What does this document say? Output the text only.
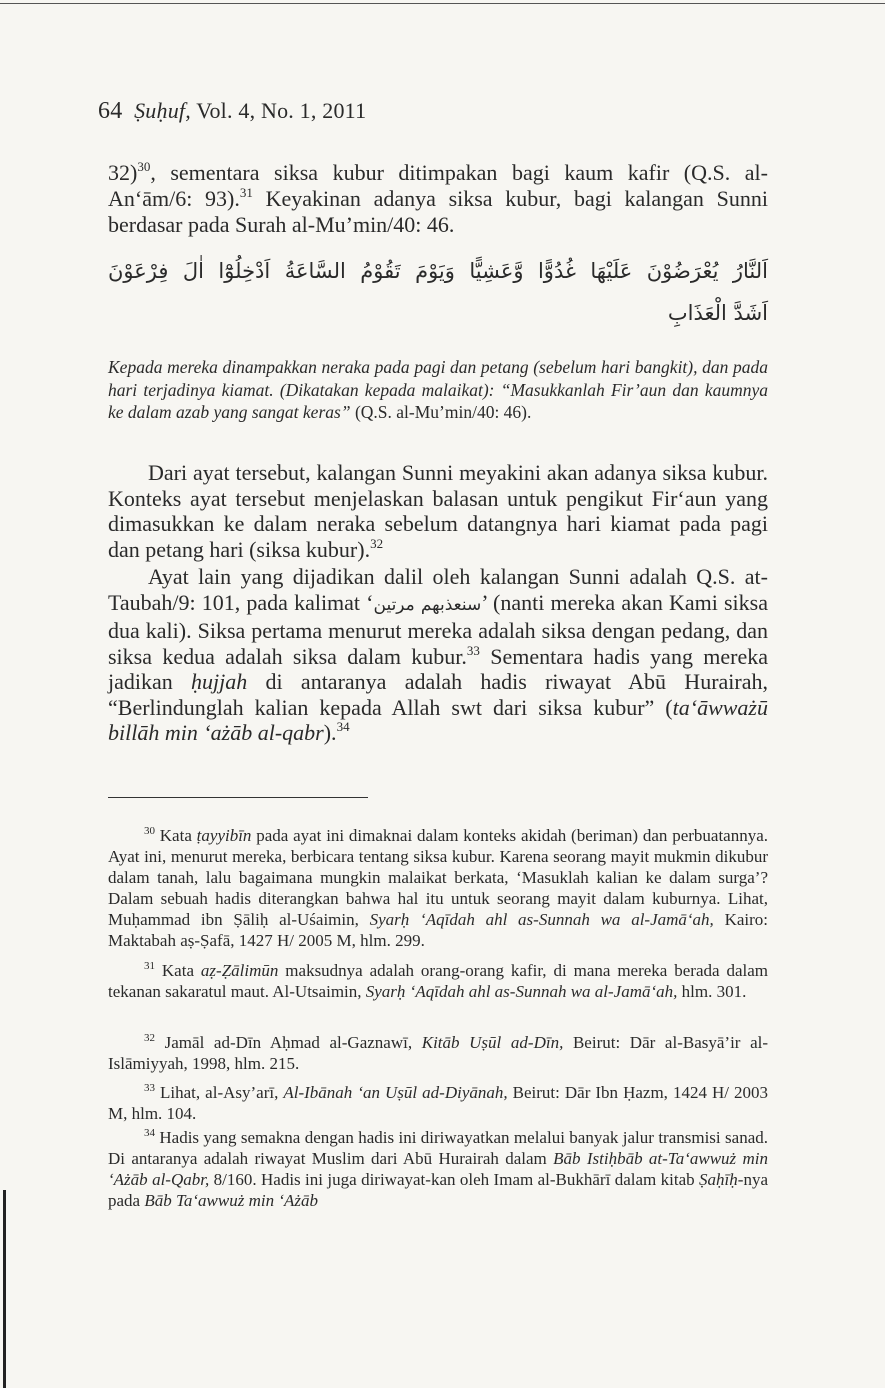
64 Ṣuḥuf, Vol. 4, No. 1, 2011
32)$^{30}$, sementara siksa kubur ditimpakan bagi kaum kafir (Q.S. al-An‘ām/6: 93).$^{31}$ Keyakinan adanya siksa kubur, bagi kalangan Sunni berdasar pada Surah al-Mu’min/40: 46.
اَلنَّارُ يُعْرَضُوْنَ عَلَيْهَا غُدُوًّا وَّعَشِيًّا وَيَوْمَ تَقُوْمُ السَّاعَةُ اَدْخِلُوْٓا اٰلَ فِرْعَوْنَ
اَشَدَّ الْعَذَابِ
Kepada mereka dinampakkan neraka pada pagi dan petang (sebelum hari bangkit), dan pada hari terjadinya kiamat. (Dikatakan kepada malaikat): “Masukkanlah Fir’aun dan kaumnya ke dalam azab yang sangat keras” (Q.S. al-Mu’min/40: 46).
Dari ayat tersebut, kalangan Sunni meyakini akan adanya siksa kubur. Konteks ayat tersebut menjelaskan balasan untuk pengikut Fir‘aun yang dimasukkan ke dalam neraka sebelum datangnya hari kiamat pada pagi dan petang hari (siksa kubur).$^{32}$
Ayat lain yang dijadikan dalil oleh kalangan Sunni adalah Q.S. at-Taubah/9: 101, pada kalimat ‘سنعذبهم مرتين’ (nanti mereka akan Kami siksa dua kali). Siksa pertama menurut mereka adalah siksa dengan pedang, dan siksa kedua adalah siksa dalam kubur.$^{33}$ Sementara hadis yang mereka jadikan ḥujjah di antaranya adalah hadis riwayat Abū Hurairah, “Berlindunglah kalian kepada Allah swt dari siksa kubur” (ta‘āwważū billāh min ‘ażāb al-qabr).$^{34}$
$^{30}$ Kata ṭayyibīn pada ayat ini dimaknai dalam konteks akidah (beriman) dan perbuatannya. Ayat ini, menurut mereka, berbicara tentang siksa kubur. Karena seorang mayit mukmin dikubur dalam tanah, lalu bagaimana mungkin malaikat berkata, ‘Masuklah kalian ke dalam surga’? Dalam sebuah hadis diterangkan bahwa hal itu untuk seorang mayit dalam kuburnya. Lihat, Muḥammad ibn Ṣāliḥ al-Uśaimin, Syarḥ ‘Aqīdah ahl as-Sunnah wa al-Jamā‘ah, Kairo: Maktabah aṣ-Ṣafā, 1427 H/ 2005 M, hlm. 299.
$^{31}$ Kata aẓ-Ẓālimūn maksudnya adalah orang-orang kafir, di mana mereka berada dalam tekanan sakaratul maut. Al-Utsaimin, Syarḥ ‘Aqīdah ahl as-Sunnah wa al-Jamā‘ah, hlm. 301.
$^{32}$ Jamāl ad-Dīn Aḥmad al-Gaznawī, Kitāb Uṣūl ad-Dīn, Beirut: Dār al-Basyā’ir al-Islāmiyyah, 1998, hlm. 215.
$^{33}$ Lihat, al-Asy’arī, Al-Ibānah ‘an Uṣūl ad-Diyānah, Beirut: Dār Ibn Ḥazm, 1424 H/ 2003 M, hlm. 104.
$^{34}$ Hadis yang semakna dengan hadis ini diriwayatkan melalui banyak jalur transmisi sanad. Di antaranya adalah riwayat Muslim dari Abū Hurairah dalam Bāb Istiḥbāb at-Ta‘awwuż min ‘Ażāb al-Qabr, 8/160. Hadis ini juga diriwayat-kan oleh Imam al-Bukhārī dalam kitab Ṣaḥīḥ-nya pada Bāb Ta‘awwuż min ‘Ażāb
